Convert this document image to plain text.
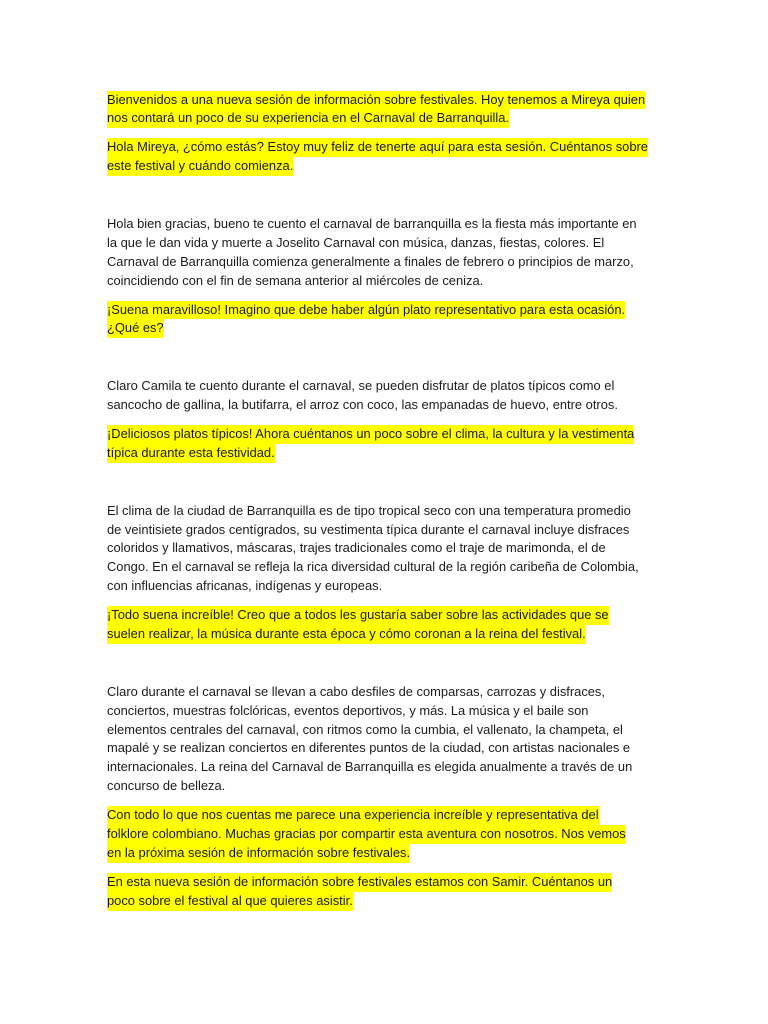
Bienvenidos a una nueva sesión de información sobre festivales. Hoy tenemos a Mireya quien
nos contará un poco de su experiencia en el Carnaval de Barranquilla.
Hola Mireya, ¿cómo estás? Estoy muy feliz de tenerte aquí para esta sesión. Cuéntanos sobre
este festival y cuándo comienza.
Hola bien gracias, bueno te cuento el carnaval de barranquilla es la fiesta más importante en
la que le dan vida y muerte a Joselito Carnaval con música, danzas, fiestas, colores. El
Carnaval de Barranquilla comienza generalmente a finales de febrero o principios de marzo,
coincidiendo con el fin de semana anterior al miércoles de ceniza.
¡Suena maravilloso! Imagino que debe haber algún plato representativo para esta ocasión.
¿Qué es?
Claro Camila te cuento durante el carnaval, se pueden disfrutar de platos típicos como el
sancocho de gallina, la butifarra, el arroz con coco, las empanadas de huevo, entre otros.
¡Deliciosos platos típicos! Ahora cuéntanos un poco sobre el clima, la cultura y la vestimenta
típica durante esta festividad.
El clima de la ciudad de Barranquilla es de tipo tropical seco con una temperatura promedio
de veintisiete grados centígrados, su vestimenta típica durante el carnaval incluye disfraces
coloridos y llamativos, máscaras, trajes tradicionales como el traje de marimonda, el de
Congo. En el carnaval se refleja la rica diversidad cultural de la región caribeña de Colombia,
con influencias africanas, indígenas y europeas.
¡Todo suena increíble! Creo que a todos les gustaría saber sobre las actividades que se
suelen realizar, la música durante esta época y cómo coronan a la reina del festival.
Claro durante el carnaval se llevan a cabo desfiles de comparsas, carrozas y disfraces,
conciertos, muestras folclóricas, eventos deportivos, y más. La música y el baile son
elementos centrales del carnaval, con ritmos como la cumbia, el vallenato, la champeta, el
mapalé y se realizan conciertos en diferentes puntos de la ciudad, con artistas nacionales e
internacionales. La reina del Carnaval de Barranquilla es elegida anualmente a través de un
concurso de belleza.
Con todo lo que nos cuentas me parece una experiencia increíble y representativa del
folklore colombiano. Muchas gracias por compartir esta aventura con nosotros. Nos vemos
en la próxima sesión de información sobre festivales.
En esta nueva sesión de información sobre festivales estamos con Samir. Cuéntanos un
poco sobre el festival al que quieres asistir.
